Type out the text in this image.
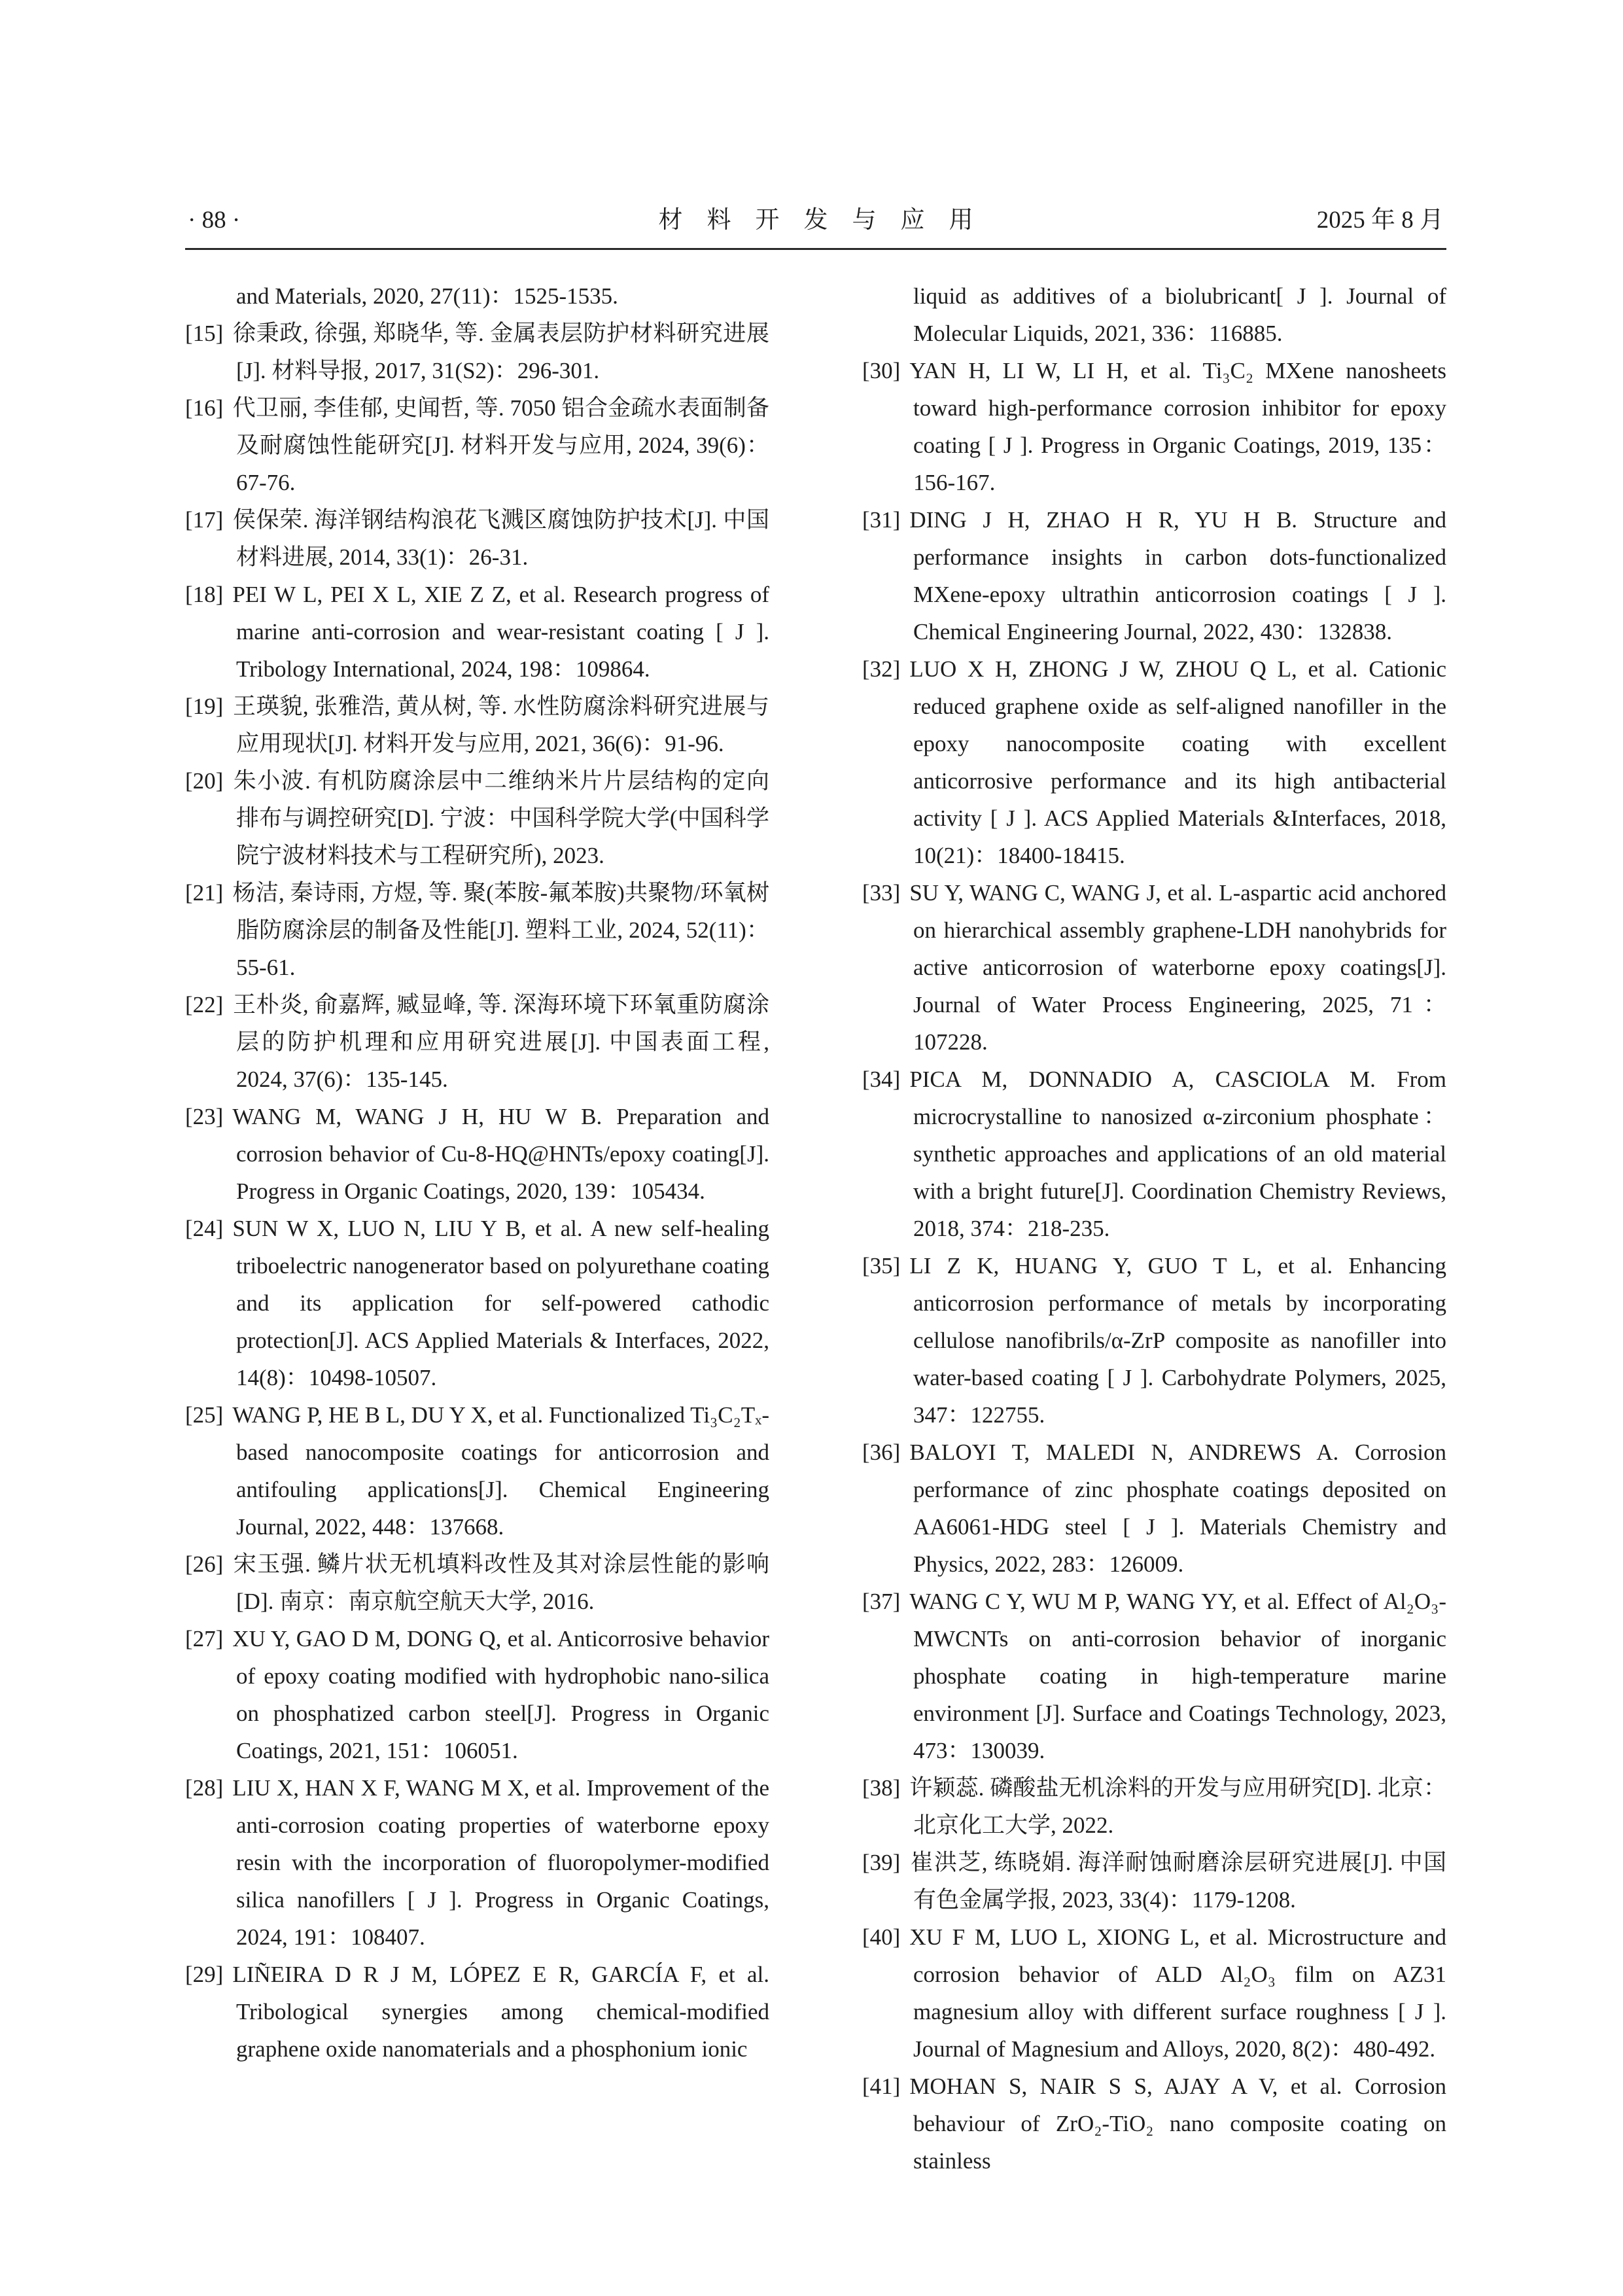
· 88 ·	材　料　开　发　与　应　用	2025 年 8 月

and Materials, 2020, 27(11)：1525-1535.

[15] 徐秉政, 徐强, 郑晓华, 等. 金属表层防护材料研究进展[J]. 材料导报, 2017, 31(S2)：296-301.

[16] 代卫丽, 李佳郁, 史闻哲, 等. 7050 铝合金疏水表面制备及耐腐蚀性能研究[J]. 材料开发与应用, 2024, 39(6)：67-76.

[17] 侯保荣. 海洋钢结构浪花飞溅区腐蚀防护技术[J]. 中国材料进展, 2014, 33(1)：26-31.

[18] PEI W L, PEI X L, XIE Z Z, et al. Research progress of marine anti-corrosion and wear-resistant coating [ J ]. Tribology International, 2024, 198：109864.

[19] 王瑛貌, 张雅浩, 黄从树, 等. 水性防腐涂料研究进展与应用现状[J]. 材料开发与应用, 2021, 36(6)：91-96.

[20] 朱小波. 有机防腐涂层中二维纳米片片层结构的定向排布与调控研究[D]. 宁波：中国科学院大学(中国科学院宁波材料技术与工程研究所), 2023.

[21] 杨洁, 秦诗雨, 方煜, 等. 聚(苯胺-氟苯胺)共聚物/环氧树脂防腐涂层的制备及性能[J]. 塑料工业, 2024, 52(11)：55-61.

[22] 王朴炎, 俞嘉辉, 臧显峰, 等. 深海环境下环氧重防腐涂层的防护机理和应用研究进展[J]. 中国表面工程, 2024, 37(6)：135-145.

[23] WANG M, WANG J H, HU W B. Preparation and corrosion behavior of Cu-8-HQ@HNTs/epoxy coating[J]. Progress in Organic Coatings, 2020, 139：105434.

[24] SUN W X, LUO N, LIU Y B, et al. A new self-healing triboelectric nanogenerator based on polyurethane coating and its application for self-powered cathodic protection[J]. ACS Applied Materials & Interfaces, 2022, 14(8)：10498-10507.

[25] WANG P, HE B L, DU Y X, et al. Functionalized Ti₃C₂Tₓ-based nanocomposite coatings for anticorrosion and antifouling applications[J]. Chemical Engineering Journal, 2022, 448：137668.

[26] 宋玉强. 鳞片状无机填料改性及其对涂层性能的影响[D]. 南京：南京航空航天大学, 2016.

[27] XU Y, GAO D M, DONG Q, et al. Anticorrosive behavior of epoxy coating modified with hydrophobic nano-silica on phosphatized carbon steel[J]. Progress in Organic Coatings, 2021, 151：106051.

[28] LIU X, HAN X F, WANG M X, et al. Improvement of the anti-corrosion coating properties of waterborne epoxy resin with the incorporation of fluoropolymer-modified silica nanofillers [ J ]. Progress in Organic Coatings, 2024, 191：108407.

[29] LIÑEIRA D R J M, LÓPEZ E R, GARCÍA F, et al. Tribological synergies among chemical-modified graphene oxide nanomaterials and a phosphonium ionic

liquid as additives of a biolubricant[ J ]. Journal of Molecular Liquids, 2021, 336：116885.

[30] YAN H, LI W, LI H, et al. Ti₃C₂ MXene nanosheets toward high-performance corrosion inhibitor for epoxy coating [ J ]. Progress in Organic Coatings, 2019, 135：156-167.

[31] DING J H, ZHAO H R, YU H B. Structure and performance insights in carbon dots-functionalized MXene-epoxy ultrathin anticorrosion coatings [ J ]. Chemical Engineering Journal, 2022, 430：132838.

[32] LUO X H, ZHONG J W, ZHOU Q L, et al. Cationic reduced graphene oxide as self-aligned nanofiller in the epoxy nanocomposite coating with excellent anticorrosive performance and its high antibacterial activity [ J ]. ACS Applied Materials &Interfaces, 2018, 10(21)：18400-18415.

[33] SU Y, WANG C, WANG J, et al. L-aspartic acid anchored on hierarchical assembly graphene-LDH nanohybrids for active anticorrosion of waterborne epoxy coatings[J]. Journal of Water Process Engineering, 2025, 71：107228.

[34] PICA M, DONNADIO A, CASCIOLA M. From microcrystalline to nanosized α-zirconium phosphate：synthetic approaches and applications of an old material with a bright future[J]. Coordination Chemistry Reviews, 2018, 374：218-235.

[35] LI Z K, HUANG Y, GUO T L, et al. Enhancing anticorrosion performance of metals by incorporating cellulose nanofibrils/α-ZrP composite as nanofiller into water-based coating [ J ]. Carbohydrate Polymers, 2025, 347：122755.

[36] BALOYI T, MALEDI N, ANDREWS A. Corrosion performance of zinc phosphate coatings deposited on AA6061-HDG steel [ J ]. Materials Chemistry and Physics, 2022, 283：126009.

[37] WANG C Y, WU M P, WANG YY, et al. Effect of Al₂O₃-MWCNTs on anti-corrosion behavior of inorganic phosphate coating in high-temperature marine environment [J]. Surface and Coatings Technology, 2023, 473：130039.

[38] 许颖蕊. 磷酸盐无机涂料的开发与应用研究[D]. 北京：北京化工大学, 2022.

[39] 崔洪芝, 练晓娟. 海洋耐蚀耐磨涂层研究进展[J]. 中国有色金属学报, 2023, 33(4)：1179-1208.

[40] XU F M, LUO L, XIONG L, et al. Microstructure and corrosion behavior of ALD Al₂O₃ film on AZ31 magnesium alloy with different surface roughness [ J ]. Journal of Magnesium and Alloys, 2020, 8(2)：480-492.

[41] MOHAN S, NAIR S S, AJAY A V, et al. Corrosion behaviour of ZrO₂-TiO₂ nano composite coating on stainless
